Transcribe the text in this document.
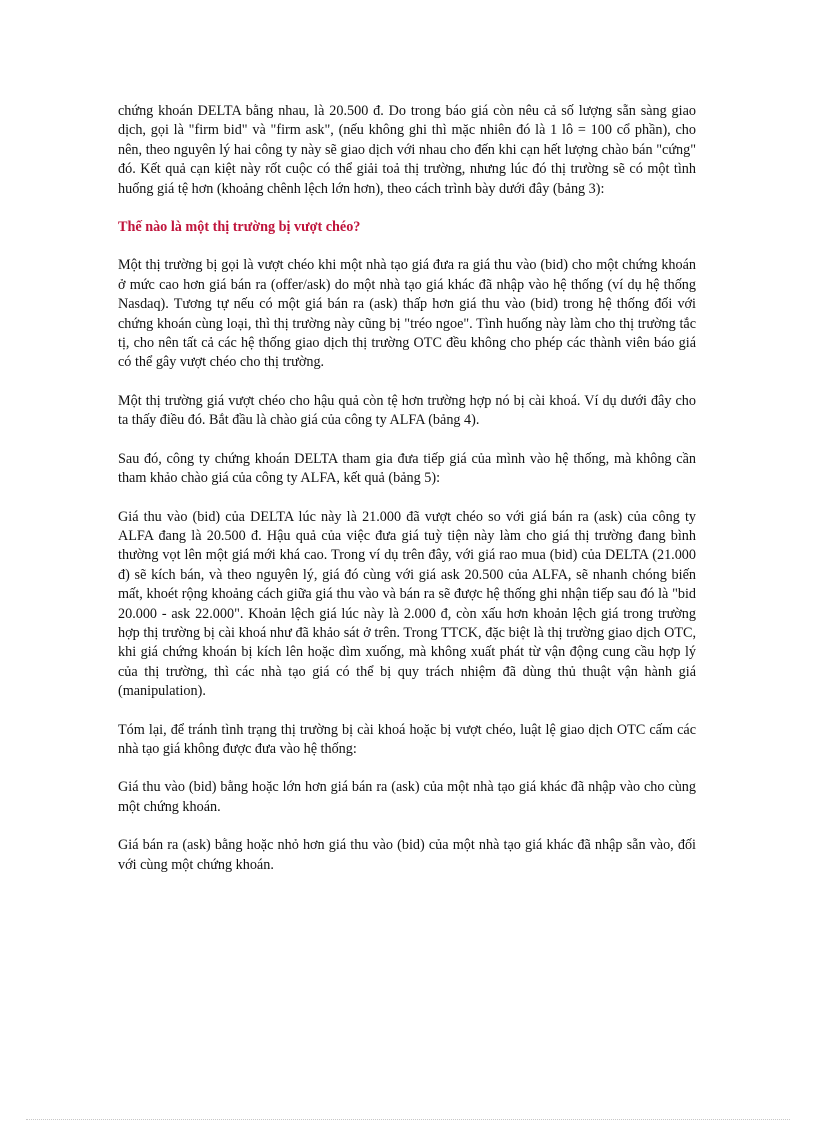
chứng khoán DELTA bằng nhau, là 20.500 đ. Do trong báo giá còn nêu cả số lượng sẵn sàng giao dịch, gọi là "firm bid" và "firm ask", (nếu không ghi thì mặc nhiên đó là 1 lô = 100 cổ phần), cho nên, theo nguyên lý hai công ty này sẽ giao dịch với nhau cho đến khi cạn hết lượng chào bán "cứng" đó. Kết quả cạn kiệt này rốt cuộc có thể giải toả thị trường, nhưng lúc đó thị trường sẽ có một tình huống giá tệ hơn (khoảng chênh lệch lớn hơn), theo cách trình bày dưới đây (bảng 3):

Thế nào là một thị trường bị vượt chéo?

Một thị trường bị gọi là vượt chéo khi một nhà tạo giá đưa ra giá thu vào (bid) cho một chứng khoán ở mức cao hơn giá bán ra (offer/ask) do một nhà tạo giá khác đã nhập vào hệ thống (ví dụ hệ thống Nasdaq). Tương tự nếu có một giá bán ra (ask) thấp hơn giá thu vào (bid) trong hệ thống đối với chứng khoán cùng loại, thì thị trường này cũng bị "tréo ngoe". Tình huống này làm cho thị trường tắc tị, cho nên tất cả các hệ thống giao dịch thị trường OTC đều không cho phép các thành viên báo giá có thể gây vượt chéo cho thị trường.

Một thị trường giá vượt chéo cho hậu quả còn tệ hơn trường hợp nó bị cài khoá. Ví dụ dưới đây cho ta thấy điều đó. Bắt đầu là chào giá của công ty ALFA (bảng 4).

Sau đó, công ty chứng khoán DELTA tham gia đưa tiếp giá của mình vào hệ thống, mà không cần tham khảo chào giá của công ty ALFA, kết quả (bảng 5):

Giá thu vào (bid) của DELTA lúc này là 21.000 đã vượt chéo so với giá bán ra (ask) của công ty ALFA đang là 20.500 đ. Hậu quả của việc đưa giá tuỳ tiện này làm cho giá thị trường đang bình thường vọt lên một giá mới khá cao. Trong ví dụ trên đây, với giá rao mua (bid) của DELTA (21.000 đ) sẽ kích bán, và theo nguyên lý, giá đó cùng với giá ask 20.500 của ALFA, sẽ nhanh chóng biến mất, khoét rộng khoảng cách giữa giá thu vào và bán ra sẽ được hệ thống ghi nhận tiếp sau đó là "bid 20.000 - ask 22.000". Khoản lệch giá lúc này là 2.000 đ, còn xấu hơn khoản lệch giá trong trường hợp thị trường bị cài khoá như đã khảo sát ở trên. Trong TTCK, đặc biệt là thị trường giao dịch OTC, khi giá chứng khoán bị kích lên hoặc dìm xuống, mà không xuất phát từ vận động cung cầu hợp lý của thị trường, thì các nhà tạo giá có thể bị quy trách nhiệm đã dùng thủ thuật vận hành giá (manipulation).

Tóm lại, để tránh tình trạng thị trường bị cài khoá hoặc bị vượt chéo, luật lệ giao dịch OTC cấm các nhà tạo giá không được đưa vào hệ thống:

Giá thu vào (bid) bằng hoặc lớn hơn giá bán ra (ask) của một nhà tạo giá khác đã nhập vào cho cùng một chứng khoán.

Giá bán ra (ask) bằng hoặc nhỏ hơn giá thu vào (bid) của một nhà tạo giá khác đã nhập sẵn vào, đối với cùng một chứng khoán.
